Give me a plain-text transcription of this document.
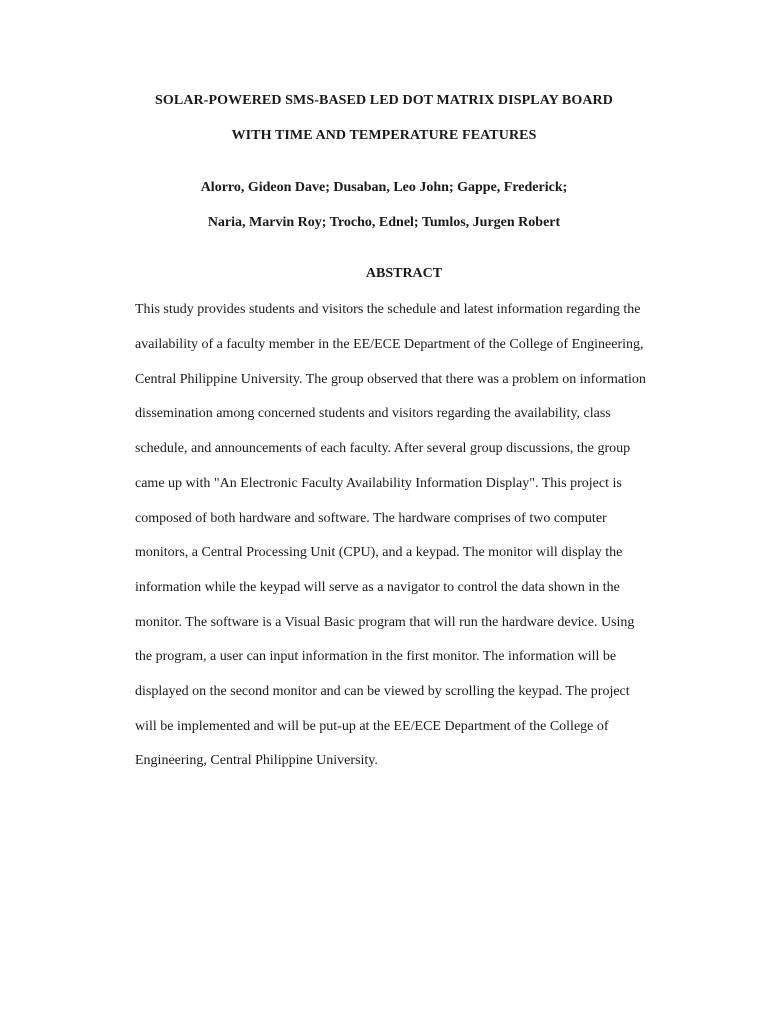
SOLAR-POWERED SMS-BASED LED DOT MATRIX DISPLAY BOARD
WITH TIME AND TEMPERATURE FEATURES
Alorro, Gideon Dave; Dusaban, Leo John; Gappe, Frederick;
Naria, Marvin Roy; Trocho, Ednel; Tumlos, Jurgen Robert
ABSTRACT
This study provides students and visitors the schedule and latest information regarding the
availability of a faculty member in the EE/ECE Department of the College of Engineering,
Central Philippine University. The group observed that there was a problem on information
dissemination among concerned students and visitors regarding the availability, class
schedule, and announcements of each faculty. After several group discussions, the group
came up with "An Electronic Faculty Availability Information Display". This project is
composed of both hardware and software. The hardware comprises of two computer
monitors, a Central Processing Unit (CPU), and a keypad. The monitor will display the
information while the keypad will serve as a navigator to control the data shown in the
monitor. The software is a Visual Basic program that will run the hardware device. Using
the program, a user can input information in the first monitor. The information will be
displayed on the second monitor and can be viewed by scrolling the keypad. The project
will be implemented and will be put-up at the EE/ECE Department of the College of
Engineering, Central Philippine University.
